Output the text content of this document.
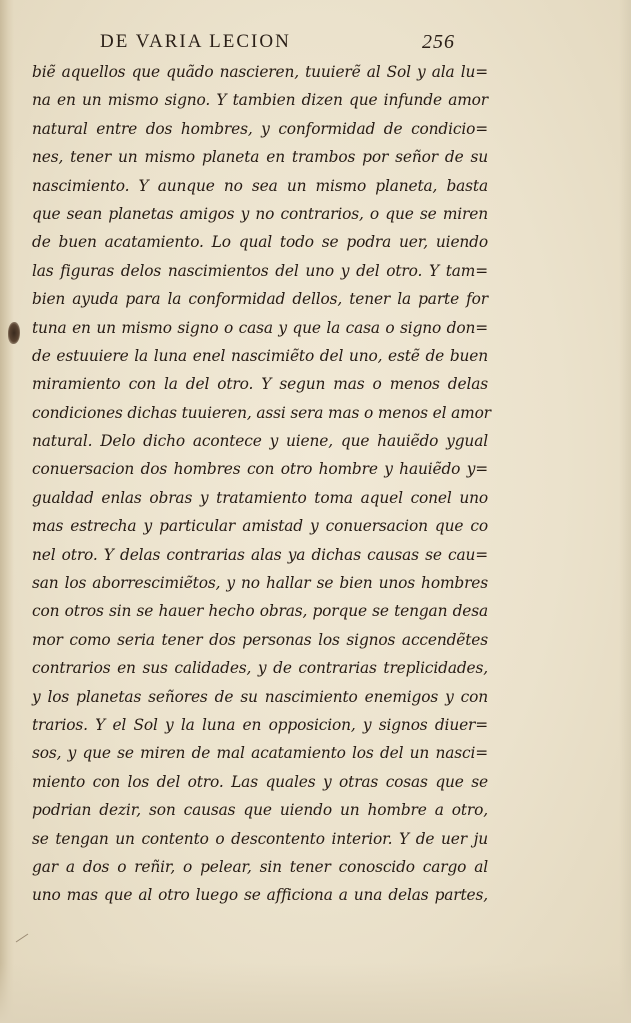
DE VARIA LECION	256
biẽ aquellos que quãdo nascieren, tuuierẽ al Sol y ala lu=
na en un mismo signo. Y tambien dizen que infunde amor
natural entre dos hombres, y conformidad de condicio=
nes, tener un mismo planeta en trambos por señor de su
nascimiento. Y aunque no sea un mismo planeta, basta
que sean planetas amigos y no contrarios, o que se miren
de buen acatamiento. Lo qual todo se podra uer, uiendo
las figuras delos nascimientos del uno y del otro. Y tam=
bien ayuda para la conformidad dellos, tener la parte for
tuna en un mismo signo o casa y que la casa o signo don=
de estuuiere la luna enel nascimiẽto del uno, estẽ de buen
miramiento con la del otro. Y segun mas o menos delas
condiciones dichas tuuieren, assi sera mas o menos el amor
natural. Delo dicho acontece y uiene, que hauiẽdo ygual
conuersacion dos hombres con otro hombre y hauiẽdo y=
gualdad enlas obras y tratamiento toma aquel conel uno
mas estrecha y particular amistad y conuersacion que co
nel otro. Y delas contrarias alas ya dichas causas se cau=
san los aborrescimiẽtos, y no hallar se bien unos hombres
con otros sin se hauer hecho obras, porque se tengan desa
mor como seria tener dos personas los signos accendẽtes
contrarios en sus calidades, y de contrarias treplicidades,
y los planetas señores de su nascimiento enemigos y con
trarios. Y el Sol y la luna en opposicion, y signos diuer=
sos, y que se miren de mal acatamiento los del un nasci=
miento con los del otro. Las quales y otras cosas que se
podrian dezir, son causas que uiendo un hombre a otro,
se tengan un contento o descontento interior. Y de uer ju
gar a dos o reñir, o pelear, sin tener conoscido cargo al
uno mas que al otro luego se afficiona a una delas partes,
